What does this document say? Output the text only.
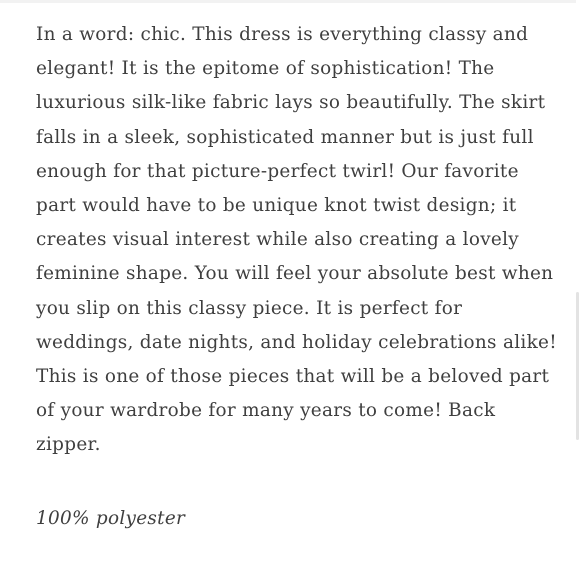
In a word: chic. This dress is everything classy and elegant! It is the epitome of sophistication! The luxurious silk-like fabric lays so beautifully. The skirt falls in a sleek, sophisticated manner but is just full enough for that picture-perfect twirl! Our favorite part would have to be unique knot twist design; it creates visual interest while also creating a lovely feminine shape. You will feel your absolute best when you slip on this classy piece. It is perfect for weddings, date nights, and holiday celebrations alike! This is one of those pieces that will be a beloved part of your wardrobe for many years to come! Back zipper.

100% polyester
